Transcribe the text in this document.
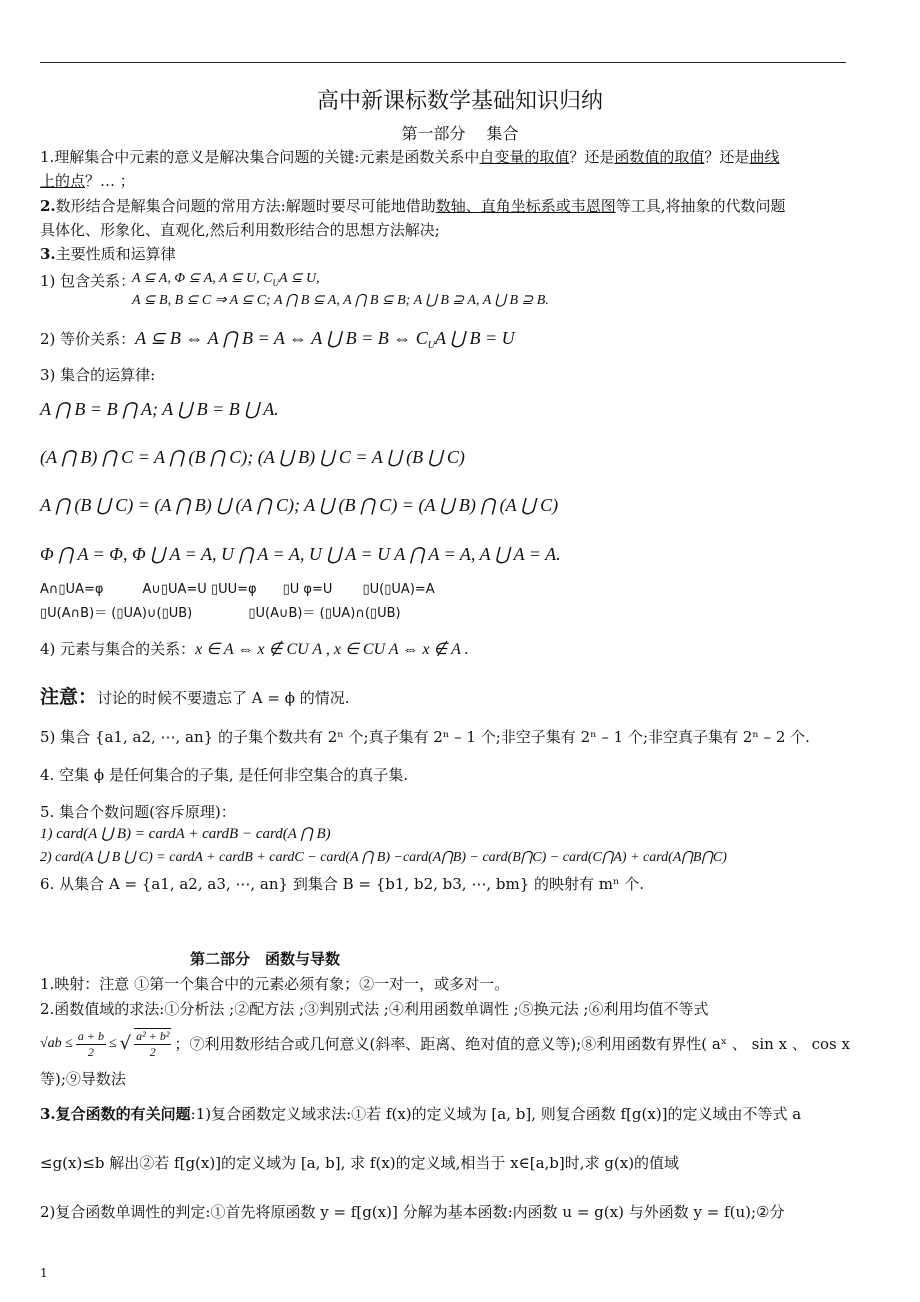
高中新课标数学基础知识归纳
第一部分　 集合
1.理解集合中元素的意义是解决集合问题的关键:元素是函数关系中自变量的取值？还是函数值的取值？还是曲线
上的点？… ；
2.数形结合是解集合问题的常用方法:解题时要尽可能地借助数轴、直角坐标系或韦恩图等工具,将抽象的代数问题
具体化、形象化、直观化,然后利用数形结合的思想方法解决;
3.主要性质和运算律
1) 包含关系：
A ⊆ A, Φ ⊆ A, A ⊆ U, $C_UA$ ⊆ U,
A ⊆ B, B ⊆ C ⇒ A ⊆ C; A ⋂ B ⊆ A, A ⋂ B ⊆ B; A ⋃ B ⊇ A, A ⋃ B ⊇ B.
2) 等价关系：A ⊆ B ⇔ A ⋂ B = A ⇔ A ⋃ B = B ⇔ $C_UA$ ⋃ B = U
3) 集合的运算律:
A ⋂ B = B ⋂ A; A ⋃ B = B ⋃ A.
(A ⋂ B) ⋂ C = A ⋂ (B ⋂ C); (A ⋃ B) ⋃ C = A ⋃ (B ⋃ C)
A ⋂ (B ⋃ C) = (A ⋂ B) ⋃ (A ⋂ C); A ⋃ (B ⋂ C) = (A ⋃ B) ⋂ (A ⋃ C)
Φ ⋂ A = Φ, Φ ⋃ A = A, U ⋂ A = A, U ⋃ A = U A ⋂ A = A, A ⋃ A = A.
A∩▯UA=φ　　　A∪▯UA=U ▯UU=φ　　▯U φ=U　　 ▯U(▯UA)=A
▯U(A∩B)＝ (▯UA)∪(▯UB)　　　　 ▯U(A∪B)＝ (▯UA)∩(▯UB)
4) 元素与集合的关系：x ∈ A ⇔ x ∉ CU A , x ∈ CU A ⇔ x ∉ A .
注意：讨论的时候不要遗忘了 A = ϕ 的情况.
5) 集合 {a1, a2, ⋯, an} 的子集个数共有 2ⁿ 个;真子集有 2ⁿ – 1 个;非空子集有 2ⁿ – 1 个;非空真子集有 2ⁿ – 2 个.
4. 空集 ϕ 是任何集合的子集, 是任何非空集合的真子集.
5. 集合个数问题(容斥原理)：
1) card(A ⋃ B) = cardA + cardB − card(A ⋂ B)
2) card(A ⋃ B ⋃ C) = cardA + cardB + cardC − card(A ⋂ B) −card(A⋂B) − card(B⋂C) − card(C⋂A) + card(A⋂B⋂C)
6. 从集合 A = {a1, a2, a3, ⋯, an} 到集合 B = {b1, b2, b3, ⋯, bm} 的映射有 mⁿ 个.
第二部分　函数与导数
1.映射：注意 ①第一个集合中的元素必须有象；②一对一，或多对一。
2.函数值域的求法:①分析法 ;②配方法 ;③判别式法 ;④利用函数单调性 ;⑤换元法 ;⑥利用均值不等式
$√ab \le \frac{a + b}{2}$ ≤ √ $\frac{\text{a² + b²}}{2}$ ；⑦利用数形结合或几何意义(斜率、距离、绝对值的意义等);⑧利用函数有界性( aˣ 、 sin x 、 cos x
等);⑨导数法
3.复合函数的有关问题:1)复合函数定义域求法:①若 f(x)的定义域为 [a, b], 则复合函数 f[g(x)]的定义域由不等式 a
≤g(x)≤b 解出②若 f[g(x)]的定义域为 [a, b], 求 f(x)的定义域,相当于 x∈[a,b]时,求 g(x)的值域
2)复合函数单调性的判定:①首先将原函数 y = f[g(x)] 分解为基本函数:内函数 u = g(x) 与外函数 y = f(u);②分
1
